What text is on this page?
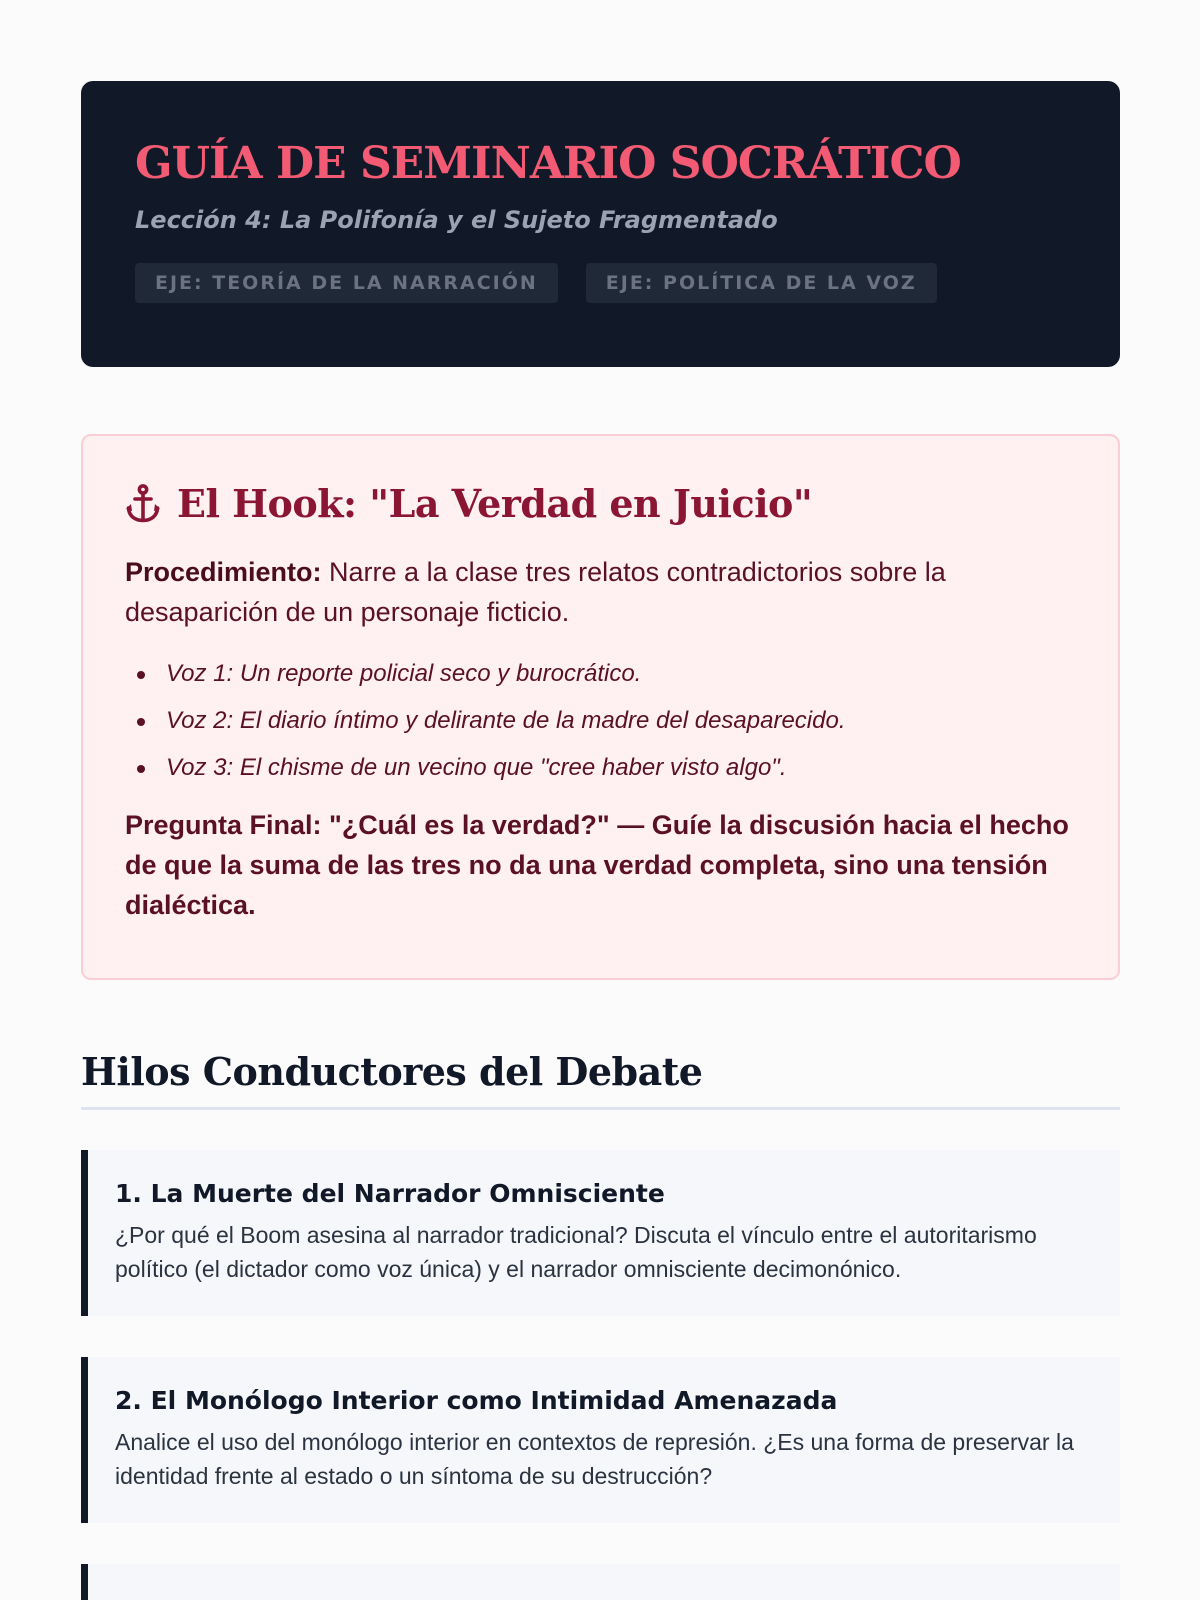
GUÍA DE SEMINARIO SOCRÁTICO
Lección 4: La Polifonía y el Sujeto Fragmentado
EJE: TEORÍA DE LA NARRACIÓN	EJE: POLÍTICA DE LA VOZ
El Hook: "La Verdad en Juicio"

Procedimiento: Narre a la clase tres relatos contradictorios sobre la desaparición de un personaje ficticio.

Voz 1: Un reporte policial seco y burocrático.
Voz 2: El diario íntimo y delirante de la madre del desaparecido.
Voz 3: El chisme de un vecino que "cree haber visto algo".

Pregunta Final: "¿Cuál es la verdad?" — Guíe la discusión hacia el hecho de que la suma de las tres no da una verdad completa, sino una tensión dialéctica.

Hilos Conductores del Debate
1. La Muerte del Narrador Omnisciente

¿Por qué el Boom asesina al narrador tradicional? Discuta el vínculo entre el autoritarismo político (el dictador como voz única) y el narrador omnisciente decimonónico.

2. El Monólogo Interior como Intimidad Amenazada

Analice el uso del monólogo interior en contextos de represión. ¿Es una forma de preservar la identidad frente al estado o un síntoma de su destrucción?
